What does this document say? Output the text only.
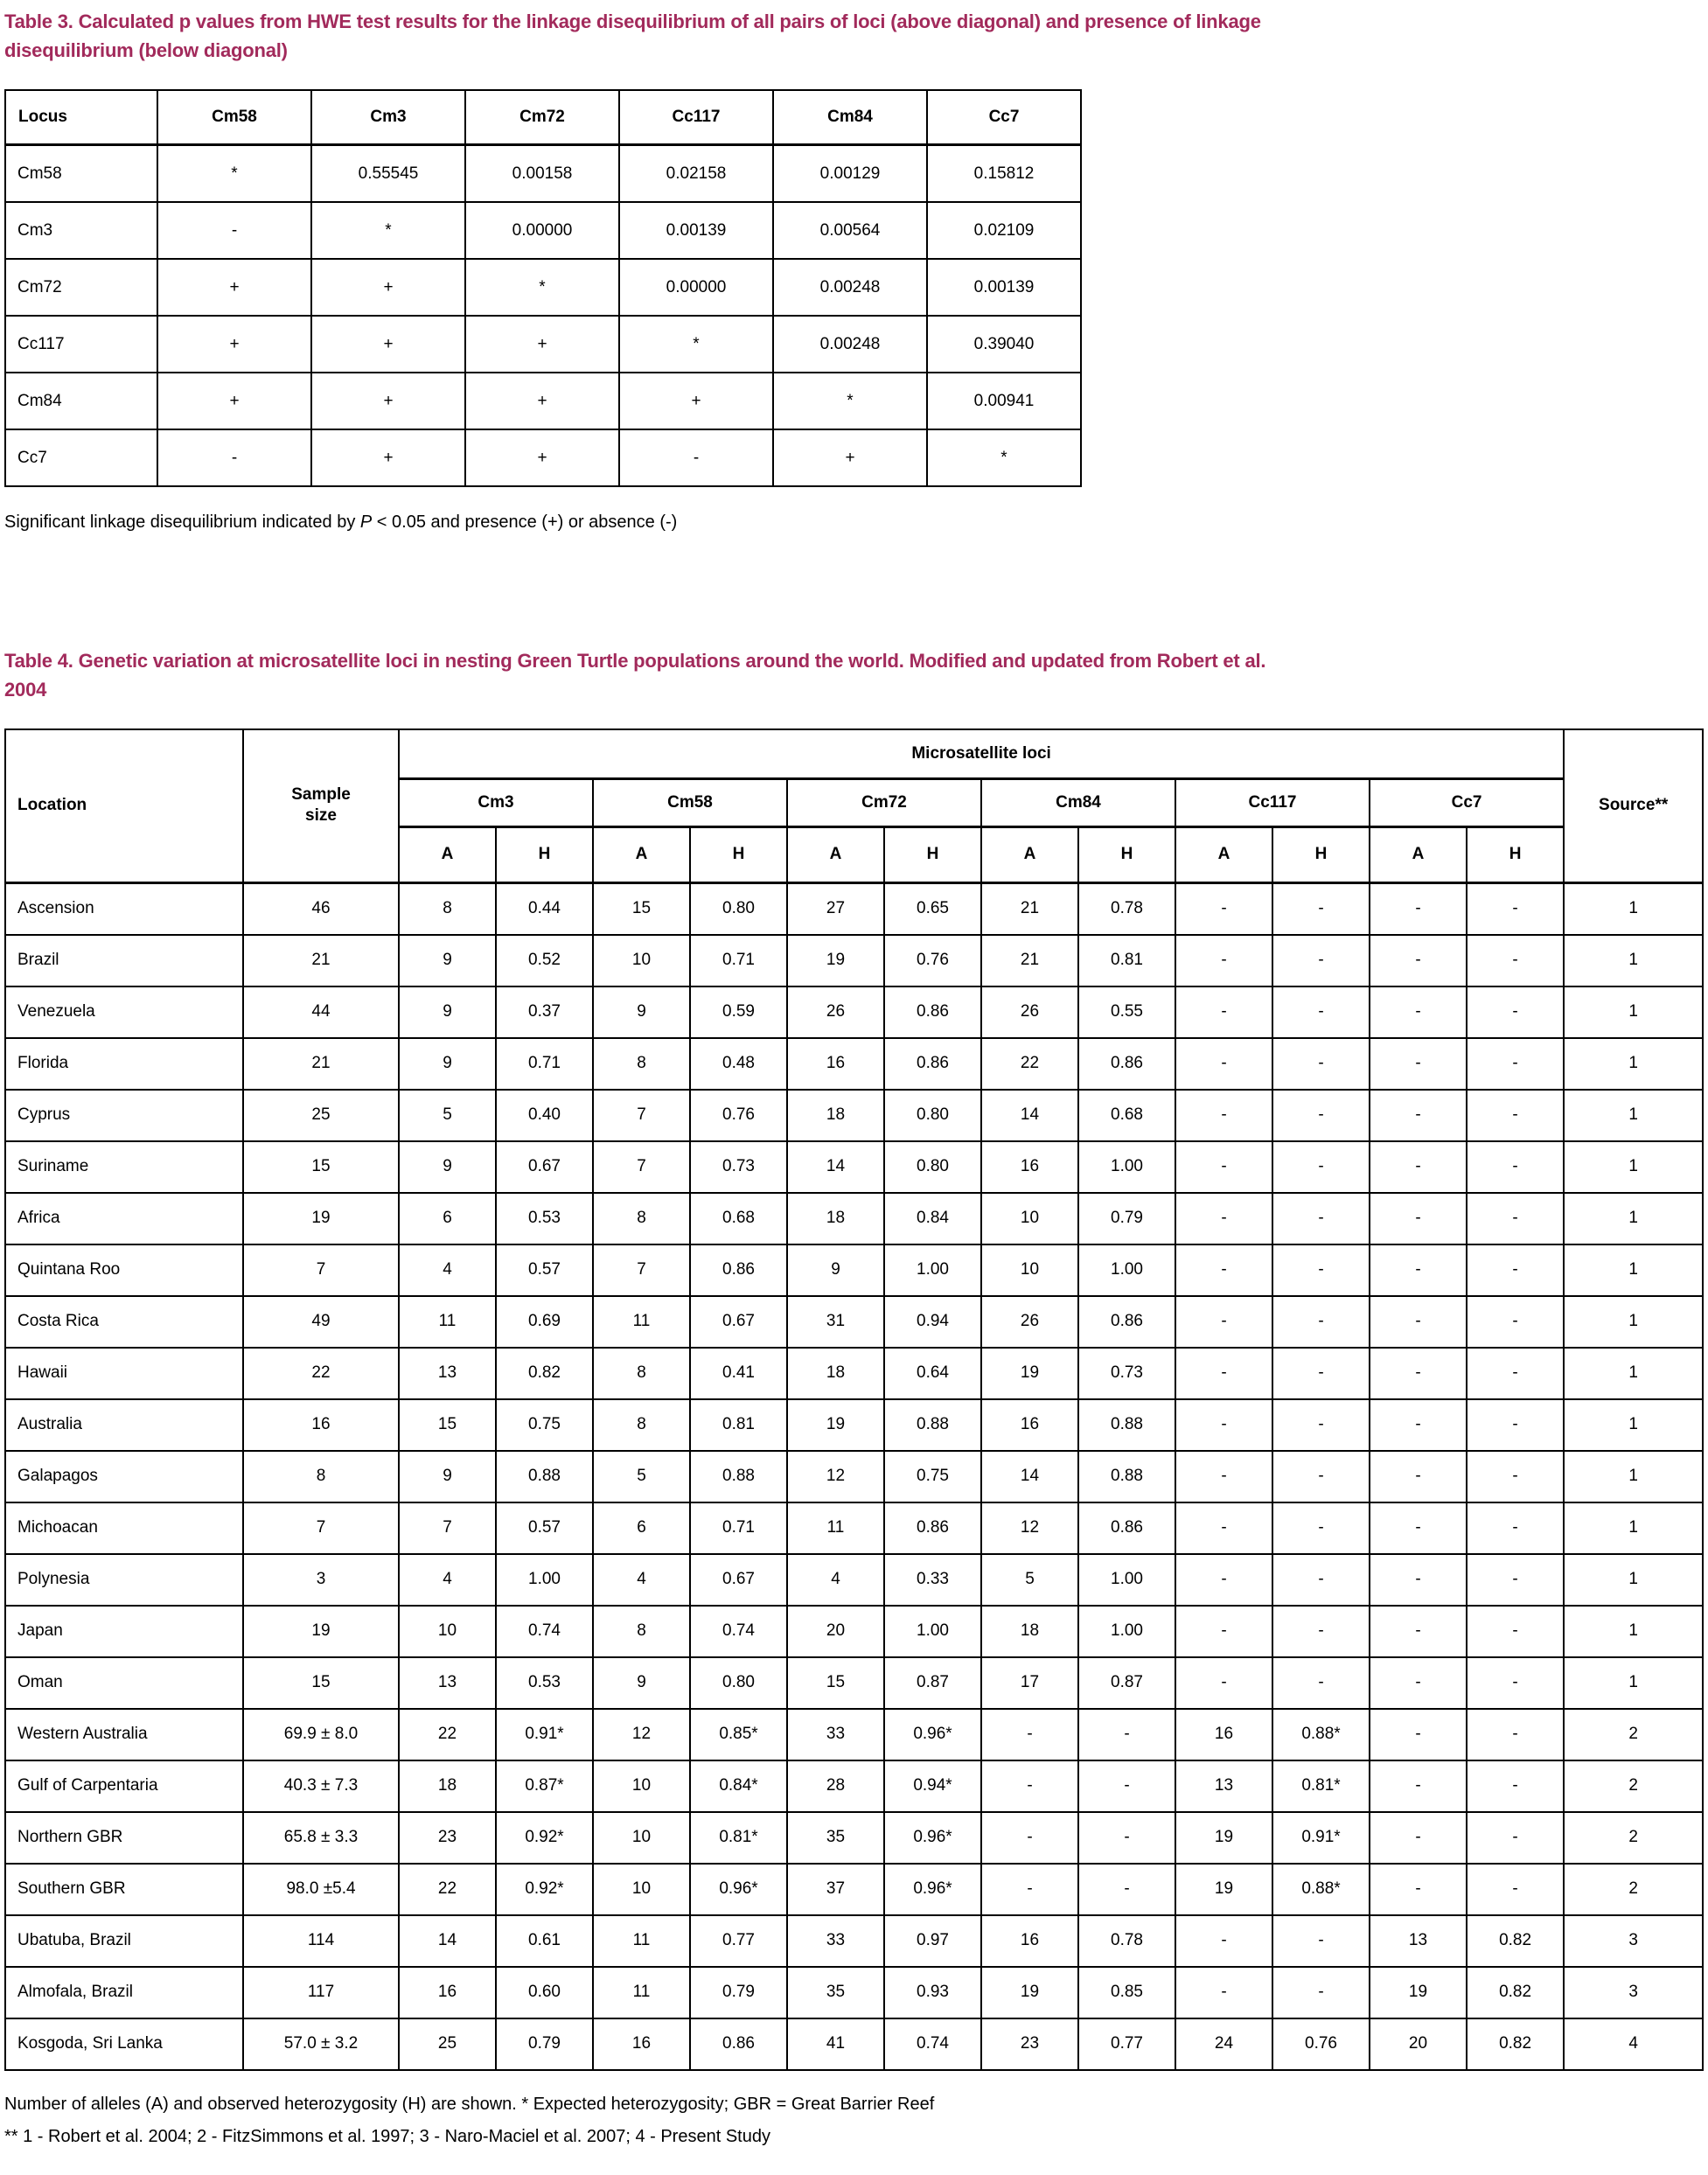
Table 3. Calculated p values from HWE test results for the linkage disequilibrium of all pairs of loci (above diagonal) and presence of linkage disequilibrium (below diagonal)
Locus	Cm58	Cm3	Cm72	Cc117	Cm84	Cc7
Cm58	*	0.55545	0.00158	0.02158	0.00129	0.15812
Cm3	-	*	0.00000	0.00139	0.00564	0.02109
Cm72	+	+	*	0.00000	0.00248	0.00139
Cc117	+	+	+	*	0.00248	0.39040
Cm84	+	+	+	+	*	0.00941
Cc7	-	+	+	-	+	*

Significant linkage disequilibrium indicated by P < 0.05 and presence (+) or absence (-)

Table 4. Genetic variation at microsatellite loci in nesting Green Turtle populations around the world. Modified and updated from Robert et al. 2004
Location	Sample size	Microsatellite loci												Source**
		Cm3		Cm58		Cm72		Cm84		Cc117		Cc7		
		A	H	A	H	A	H	A	H	A	H	A	H	
Ascension	46	8	0.44	15	0.80	27	0.65	21	0.78	-	-	-	-	1
Brazil	21	9	0.52	10	0.71	19	0.76	21	0.81	-	-	-	-	1
Venezuela	44	9	0.37	9	0.59	26	0.86	26	0.55	-	-	-	-	1
Florida	21	9	0.71	8	0.48	16	0.86	22	0.86	-	-	-	-	1
Cyprus	25	5	0.40	7	0.76	18	0.80	14	0.68	-	-	-	-	1
Suriname	15	9	0.67	7	0.73	14	0.80	16	1.00	-	-	-	-	1
Africa	19	6	0.53	8	0.68	18	0.84	10	0.79	-	-	-	-	1
Quintana Roo	7	4	0.57	7	0.86	9	1.00	10	1.00	-	-	-	-	1
Costa Rica	49	11	0.69	11	0.67	31	0.94	26	0.86	-	-	-	-	1
Hawaii	22	13	0.82	8	0.41	18	0.64	19	0.73	-	-	-	-	1
Australia	16	15	0.75	8	0.81	19	0.88	16	0.88	-	-	-	-	1
Galapagos	8	9	0.88	5	0.88	12	0.75	14	0.88	-	-	-	-	1
Michoacan	7	7	0.57	6	0.71	11	0.86	12	0.86	-	-	-	-	1
Polynesia	3	4	1.00	4	0.67	4	0.33	5	1.00	-	-	-	-	1
Japan	19	10	0.74	8	0.74	20	1.00	18	1.00	-	-	-	-	1
Oman	15	13	0.53	9	0.80	15	0.87	17	0.87	-	-	-	-	1
Western Australia	69.9 ± 8.0	22	0.91*	12	0.85*	33	0.96*	-	-	16	0.88*	-	-	2
Gulf of Carpentaria	40.3 ± 7.3	18	0.87*	10	0.84*	28	0.94*	-	-	13	0.81*	-	-	2
Northern GBR	65.8 ± 3.3	23	0.92*	10	0.81*	35	0.96*	-	-	19	0.91*	-	-	2
Southern GBR	98.0 ±5.4	22	0.92*	10	0.96*	37	0.96*	-	-	19	0.88*	-	-	2
Ubatuba, Brazil	114	14	0.61	11	0.77	33	0.97	16	0.78	-	-	13	0.82	3
Almofala, Brazil	117	16	0.60	11	0.79	35	0.93	19	0.85	-	-	19	0.82	3
Kosgoda, Sri Lanka	57.0 ± 3.2	25	0.79	16	0.86	41	0.74	23	0.77	24	0.76	20	0.82	4

Number of alleles (A) and observed heterozygosity (H) are shown. * Expected heterozygosity; GBR = Great Barrier Reef

** 1 - Robert et al. 2004; 2 - FitzSimmons et al. 1997; 3 - Naro-Maciel et al. 2007; 4 - Present Study
